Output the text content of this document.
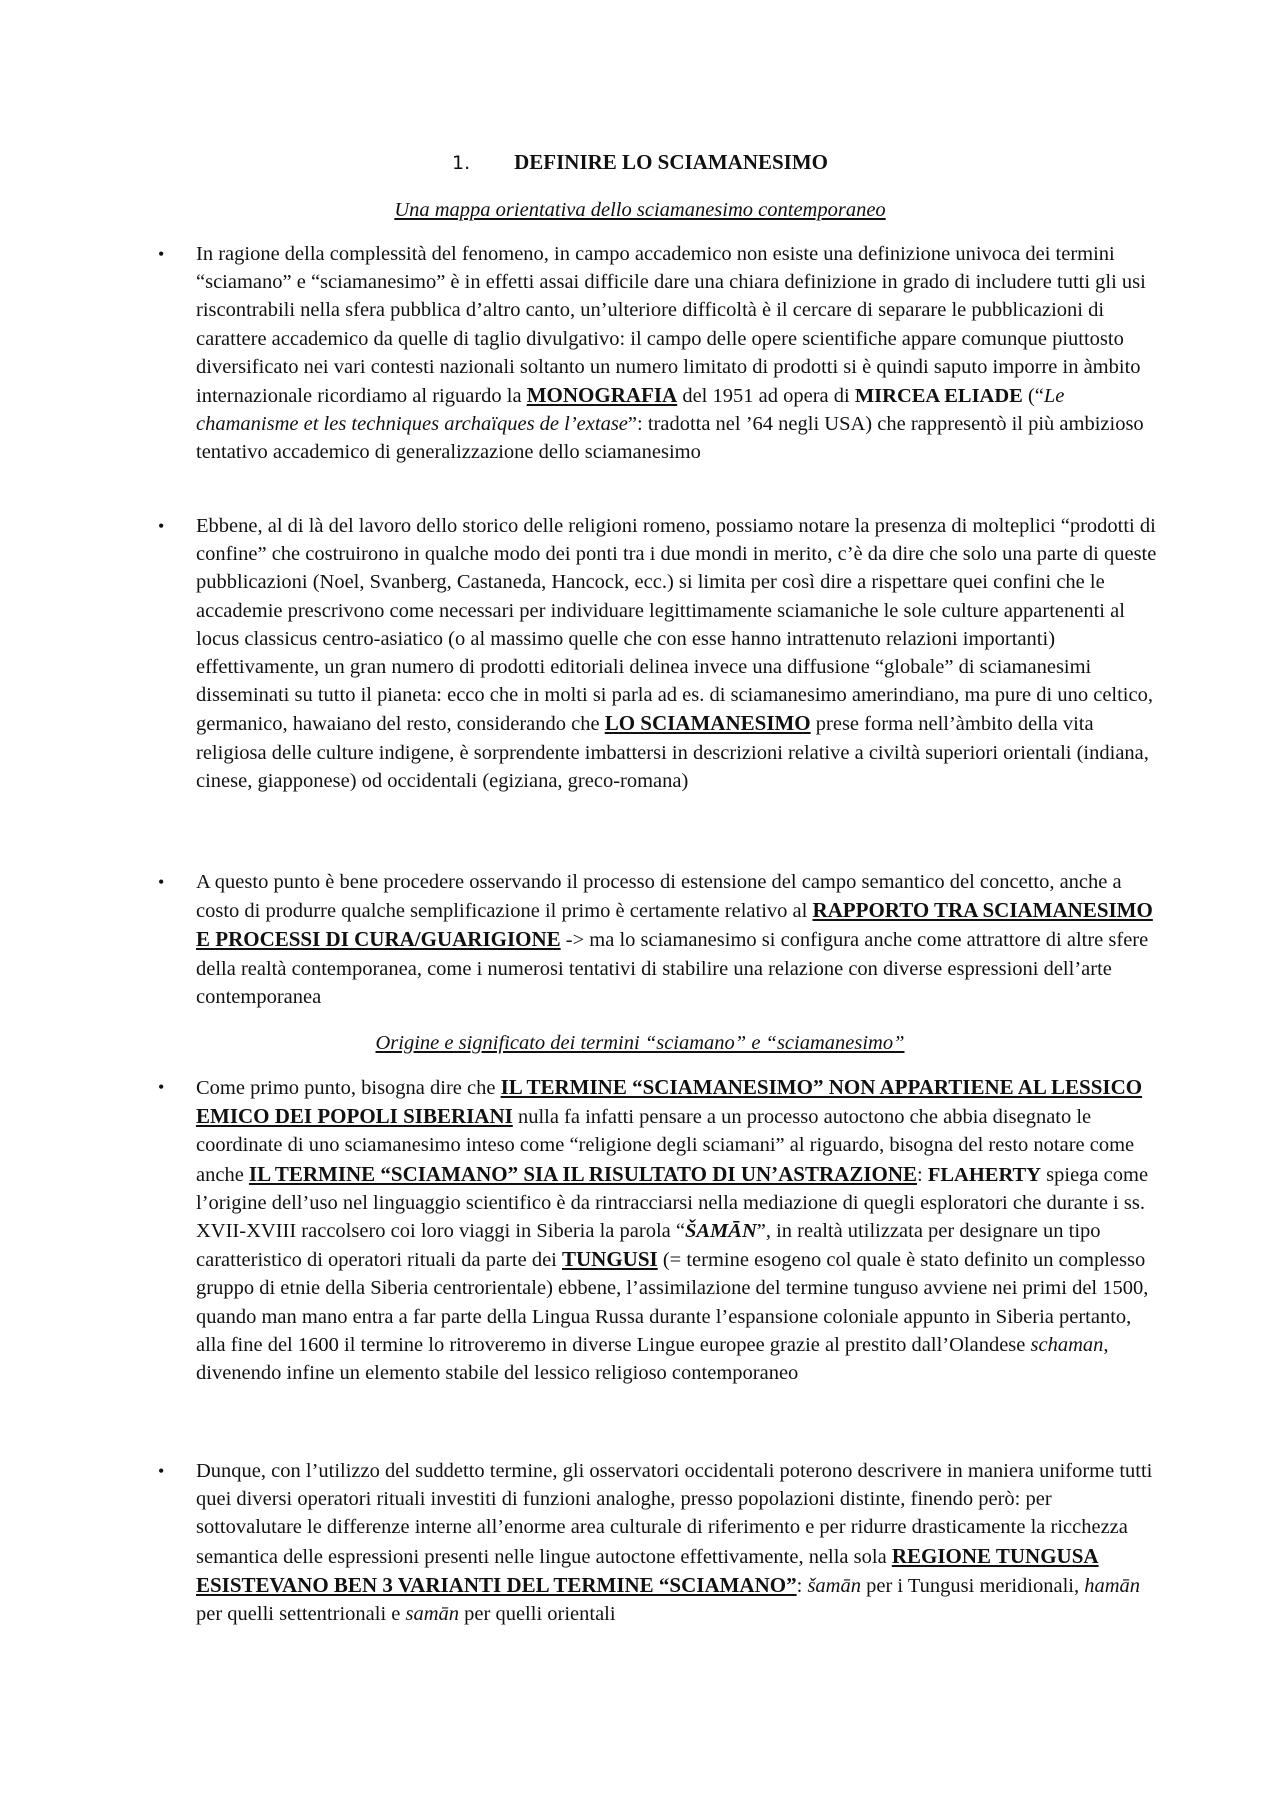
1. DEFINIRE LO SCIAMANESIMO
Una mappa orientativa dello sciamanesimo contemporaneo
• In ragione della complessità del fenomeno, in campo accademico non esiste una definizione univoca dei termini “sciamano” e “sciamanesimo” è in effetti assai difficile dare una chiara definizione in grado di includere tutti gli usi riscontrabili nella sfera pubblica d’altro canto, un’ulteriore difficoltà è il cercare di separare le pubblicazioni di carattere accademico da quelle di taglio divulgativo: il campo delle opere scientifiche appare comunque piuttosto diversificato nei vari contesti nazionali soltanto un numero limitato di prodotti si è quindi saputo imporre in àmbito internazionale ricordiamo al riguardo la MONOGRAFIA del 1951 ad opera di MIRCEA ELIADE (“Le chamanisme et les techniques archaïques de l’extase”: tradotta nel ’64 negli USA) che rappresentò il più ambizioso tentativo accademico di generalizzazione dello sciamanesimo
• Ebbene, al di là del lavoro dello storico delle religioni romeno, possiamo notare la presenza di molteplici “prodotti di confine” che costruirono in qualche modo dei ponti tra i due mondi in merito, c’è da dire che solo una parte di queste pubblicazioni (Noel, Svanberg, Castaneda, Hancock, ecc.) si limita per così dire a rispettare quei confini che le accademie prescrivono come necessari per individuare legittimamente sciamaniche le sole culture appartenenti al locus classicus centro-asiatico (o al massimo quelle che con esse hanno intrattenuto relazioni importanti) effettivamente, un gran numero di prodotti editoriali delinea invece una diffusione “globale” di sciamanesimi disseminati su tutto il pianeta: ecco che in molti si parla ad es. di sciamanesimo amerindiano, ma pure di uno celtico, germanico, hawaiano del resto, considerando che LO SCIAMANESIMO prese forma nell’àmbito della vita religiosa delle culture indigene, è sorprendente imbattersi in descrizioni relative a civiltà superiori orientali (indiana, cinese, giapponese) od occidentali (egiziana, greco-romana)
• A questo punto è bene procedere osservando il processo di estensione del campo semantico del concetto, anche a costo di produrre qualche semplificazione il primo è certamente relativo al RAPPORTO TRA SCIAMANESIMO E PROCESSI DI CURA/GUARIGIONE -> ma lo sciamanesimo si configura anche come attrattore di altre sfere della realtà contemporanea, come i numerosi tentativi di stabilire una relazione con diverse espressioni dell’arte contemporanea
Origine e significato dei termini “sciamano” e “sciamanesimo”
• Come primo punto, bisogna dire che IL TERMINE “SCIAMANESIMO” NON APPARTIENE AL LESSICO EMICO DEI POPOLI SIBERIANI nulla fa infatti pensare a un processo autoctono che abbia disegnato le coordinate di uno sciamanesimo inteso come “religione degli sciamani” al riguardo, bisogna del resto notare come anche IL TERMINE “SCIAMANO” SIA IL RISULTATO DI UN’ASTRAZIONE: FLAHERTY spiega come l’origine dell’uso nel linguaggio scientifico è da rintracciarsi nella mediazione di quegli esploratori che durante i ss. XVII-XVIII raccolsero coi loro viaggi in Siberia la parola “ŠAMĀN”, in realtà utilizzata per designare un tipo caratteristico di operatori rituali da parte dei TUNGUSI (= termine esogeno col quale è stato definito un complesso gruppo di etnie della Siberia centrorientale) ebbene, l’assimilazione del termine tunguso avviene nei primi del 1500, quando man mano entra a far parte della Lingua Russa durante l’espansione coloniale appunto in Siberia pertanto, alla fine del 1600 il termine lo ritroveremo in diverse Lingue europee grazie al prestito dall’Olandese schaman, divenendo infine un elemento stabile del lessico religioso contemporaneo
• Dunque, con l’utilizzo del suddetto termine, gli osservatori occidentali poterono descrivere in maniera uniforme tutti quei diversi operatori rituali investiti di funzioni analoghe, presso popolazioni distinte, finendo però: per sottovalutare le differenze interne all’enorme area culturale di riferimento e per ridurre drasticamente la ricchezza semantica delle espressioni presenti nelle lingue autoctone effettivamente, nella sola REGIONE TUNGUSA ESISTEVANO BEN 3 VARIANTI DEL TERMINE “SCIAMANO”: šamān per i Tungusi meridionali, hamān per quelli settentrionali e samān per quelli orientali
